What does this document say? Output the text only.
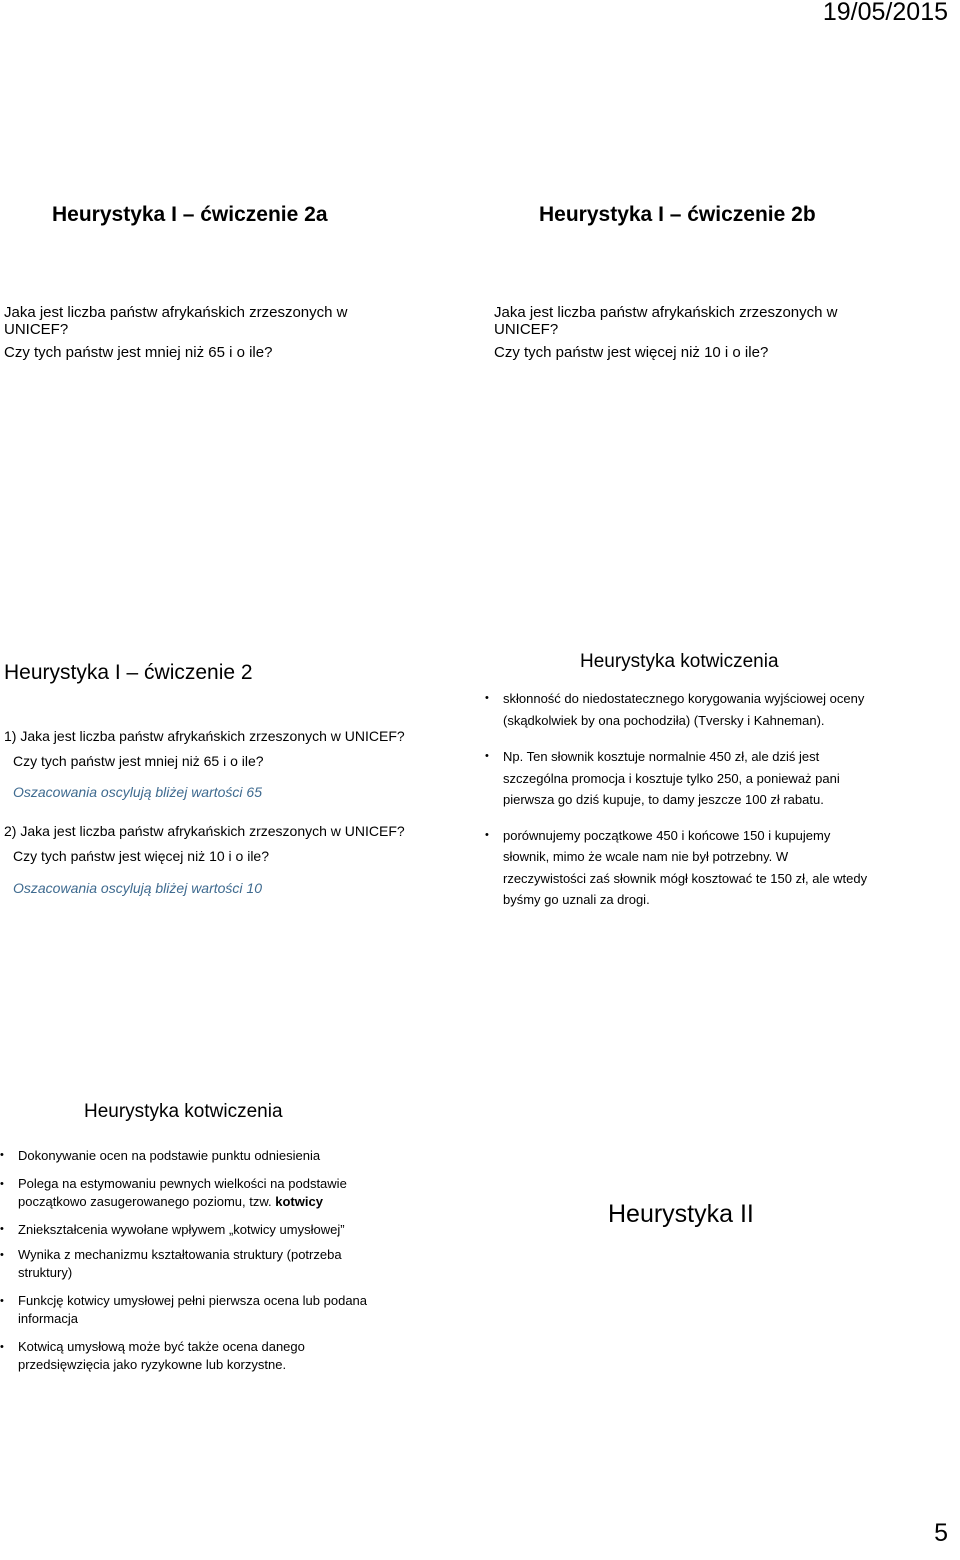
19/05/2015
5
Heurystyka I – ćwiczenie 2a
Jaka jest liczba państw afrykańskich zrzeszonych w
UNICEF?
Czy tych państw jest mniej niż 65 i o ile?
Heurystyka I – ćwiczenie 2b
Jaka jest liczba państw afrykańskich zrzeszonych w
UNICEF?
Czy tych państw jest więcej niż 10 i o ile?
Heurystyka I – ćwiczenie 2
1) Jaka jest liczba państw afrykańskich zrzeszonych w UNICEF?
Czy tych państw jest mniej niż 65 i o ile?
Oszacowania oscylują bliżej wartości 65
2) Jaka jest liczba państw afrykańskich zrzeszonych w UNICEF?
Czy tych państw jest więcej niż 10 i o ile?
Oszacowania oscylują bliżej wartości 10
Heurystyka kotwiczenia
• skłonność do niedostatecznego korygowania wyjściowej oceny
(skądkolwiek by ona pochodziła) (Tversky i Kahneman).
• Np. Ten słownik kosztuje normalnie 450 zł, ale dziś jest
szczególna promocja i kosztuje tylko 250, a ponieważ pani
pierwsza go dziś kupuje, to damy jeszcze 100 zł rabatu.
• porównujemy początkowe 450 i końcowe 150 i kupujemy
słownik, mimo że wcale nam nie był potrzebny. W
rzeczywistości zaś słownik mógł kosztować te 150 zł, ale wtedy
byśmy go uznali za drogi.
Heurystyka kotwiczenia
• Dokonywanie ocen na podstawie punktu odniesienia
• Polega na estymowaniu pewnych wielkości na podstawie
początkowo zasugerowanego poziomu, tzw. kotwicy
• Zniekształcenia wywołane wpływem „kotwicy umysłowej”
• Wynika z mechanizmu kształtowania struktury (potrzeba
struktury)
• Funkcję kotwicy umysłowej pełni pierwsza ocena lub podana
informacja
• Kotwicą umysłową może być także ocena danego
przedsięwzięcia jako ryzykowne lub korzystne.
Heurystyka II
